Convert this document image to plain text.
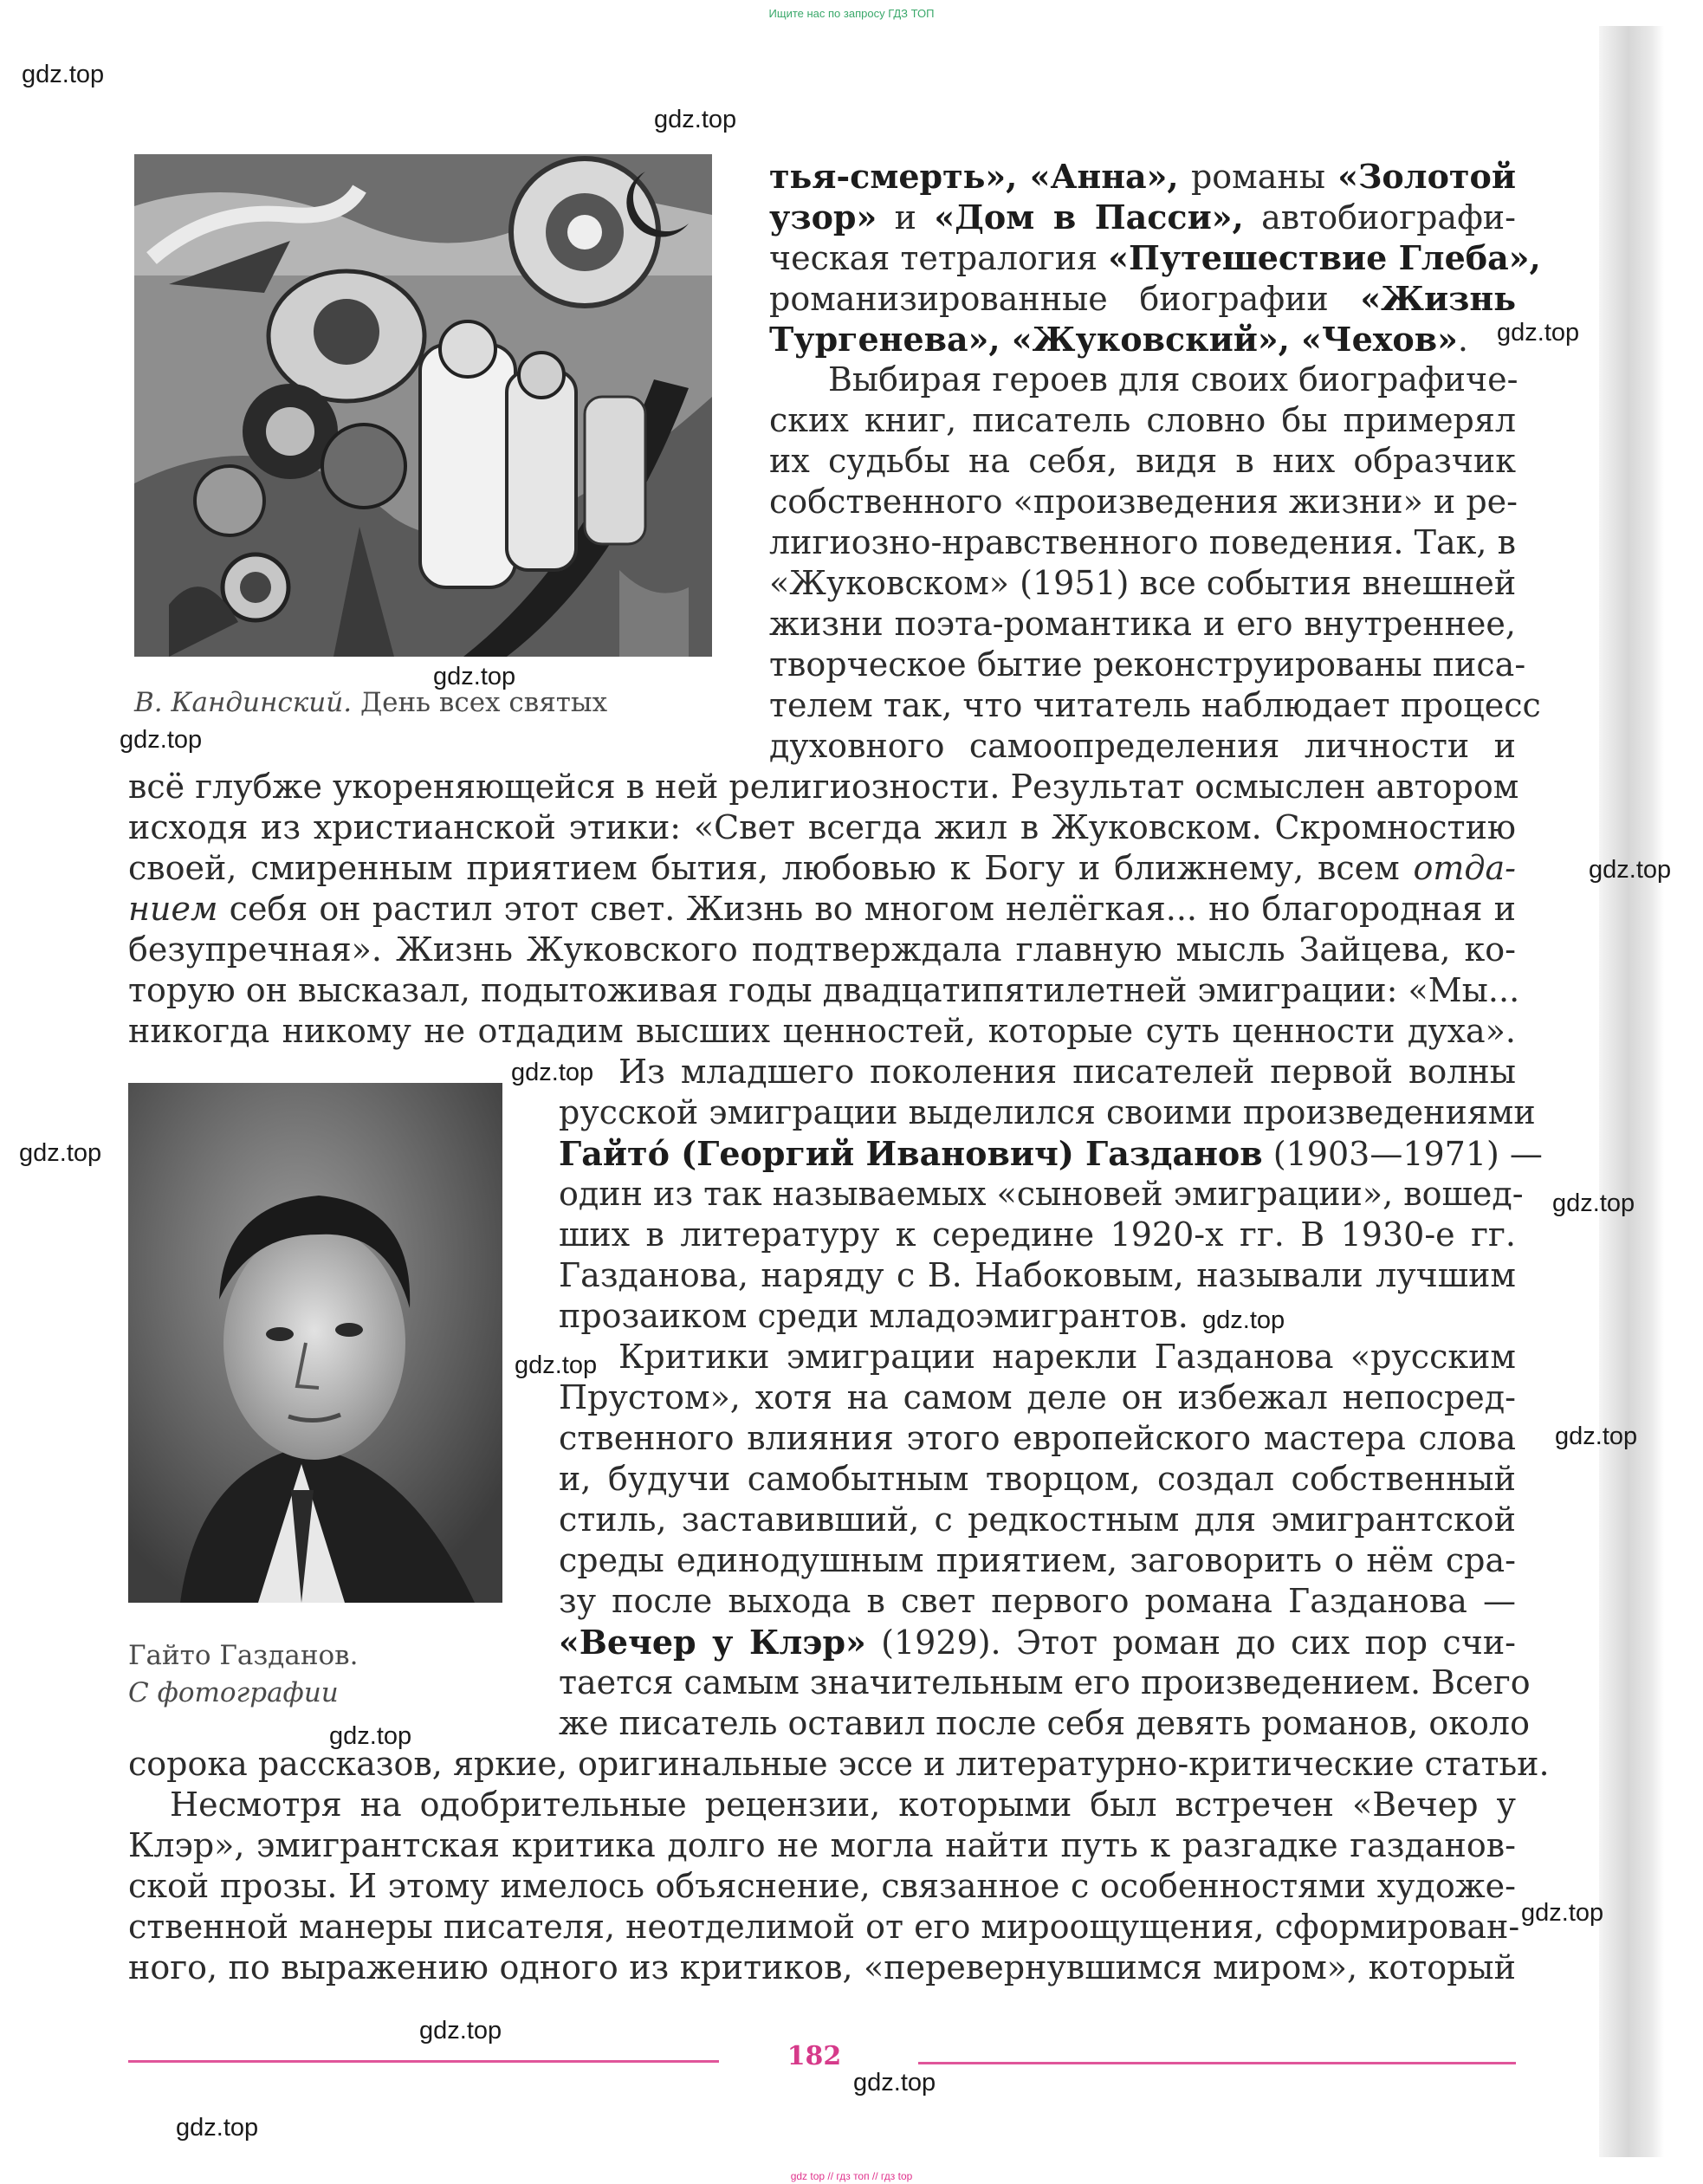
Ищите нас по запросу ГДЗ ТОП
В. Кандинский. День всех святых
Гайто Газданов.
С фотографии
тья-смерть», «Анна», романы «Золотой
узор» и «Дом в Пасси», автобиографи-
ческая тетралогия «Путешествие Глеба»,
романизированные биографии «Жизнь
Тургенева», «Жуковский», «Чехов».
Выбирая героев для своих биографиче-
ских книг, писатель словно бы примерял
их судьбы на себя, видя в них образчик
собственного «произведения жизни» и ре-
лигиозно-нравственного поведения. Так, в
«Жуковском» (1951) все события внешней
жизни поэта-романтика и его внутреннее,
творческое бытие реконструированы писа-
телем так, что читатель наблюдает процесс
духовного самоопределения личности и
всё глубже укореняющейся в ней религиозности. Результат осмыслен автором
исходя из христианской этики: «Свет всегда жил в Жуковском. Скромностию
своей, смиренным приятием бытия, любовью к Богу и ближнему, всем отда-
нием себя он растил этот свет. Жизнь во многом нелёгкая... но благородная и
безупречная». Жизнь Жуковского подтверждала главную мысль Зайцева, ко-
торую он высказал, подытоживая годы двадцатипятилетней эмиграции: «Мы...
никогда никому не отдадим высших ценностей, которые суть ценности духа».
Из младшего поколения писателей первой волны
русской эмиграции выделился своими произведениями
Гайто́ (Георгий Иванович) Газданов (1903—1971) —
один из так называемых «сыновей эмиграции», вошед-
ших в литературу к середине 1920-х гг. В 1930-е гг.
Газданова, наряду с В. Набоковым, называли лучшим
прозаиком среди младоэмигрантов.
Критики эмиграции нарекли Газданова «русским
Прустом», хотя на самом деле он избежал непосред-
ственного влияния этого европейского мастера слова
и, будучи самобытным творцом, создал собственный
стиль, заставивший, с редкостным для эмигрантской
среды единодушным приятием, заговорить о нём сра-
зу после выхода в свет первого романа Газданова —
«Вечер у Клэр» (1929). Этот роман до сих пор счи-
тается самым значительным его произведением. Всего
же писатель оставил после себя девять романов, около
сорока рассказов, яркие, оригинальные эссе и литературно-критические статьи.
Несмотря на одобрительные рецензии, которыми был встречен «Вечер у
Клэр», эмигрантская критика долго не могла найти путь к разгадке газданов-
ской прозы. И этому имелось объяснение, связанное с особенностями художе-
ственной манеры писателя, неотделимой от его мироощущения, сформирован-
ного, по выражению одного из критиков, «перевернувшимся миром», который
182
gdz top // гдз топ // гдз top
gdz.top
gdz.top
gdz.top
gdz.top
gdz.top
gdz.top
gdz.top
gdz.top
gdz.top
gdz.top
gdz.top
gdz.top
gdz.top
gdz.top
gdz.top
gdz.top
gdz.top
